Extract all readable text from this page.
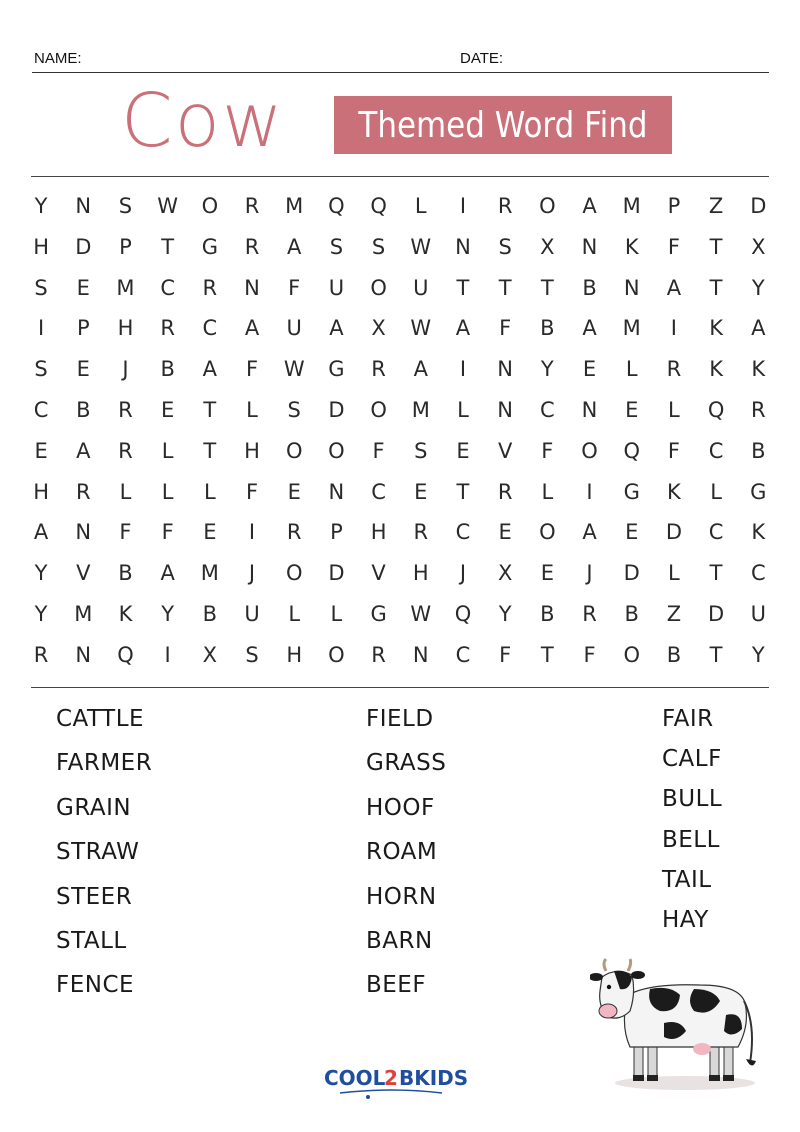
NAME:	DATE:
Cow	Themed Word Find
Y	N	S	W	O	R	M	Q	Q	L	I	R	O	A	M	P	Z	D
H	D	P	T	G	R	A	S	S	W	N	S	X	N	K	F	T	X
S	E	M	C	R	N	F	U	O	U	T	T	T	B	N	A	T	Y
I	P	H	R	C	A	U	A	X	W	A	F	B	A	M	I	K	A
S	E	J	B	A	F	W	G	R	A	I	N	Y	E	L	R	K	K
C	B	R	E	T	L	S	D	O	M	L	N	C	N	E	L	Q	R
E	A	R	L	T	H	O	O	F	S	E	V	F	O	Q	F	C	B
H	R	L	L	L	F	E	N	C	E	T	R	L	I	G	K	L	G
A	N	F	F	E	I	R	P	H	R	C	E	O	A	E	D	C	K
Y	V	B	A	M	J	O	D	V	H	J	X	E	J	D	L	T	C
Y	M	K	Y	B	U	L	L	G	W	Q	Y	B	R	B	Z	D	U
R	N	Q	I	X	S	H	O	R	N	C	F	T	F	O	B	T	Y
CATTLE
FARMER
GRAIN
STRAW
STEER
STALL
FENCE
FIELD
GRASS
HOOF
ROAM
HORN
BARN
BEEF
FAIR
CALF
BULL
BELL
TAIL
HAY
COOL
2 BKIDS
